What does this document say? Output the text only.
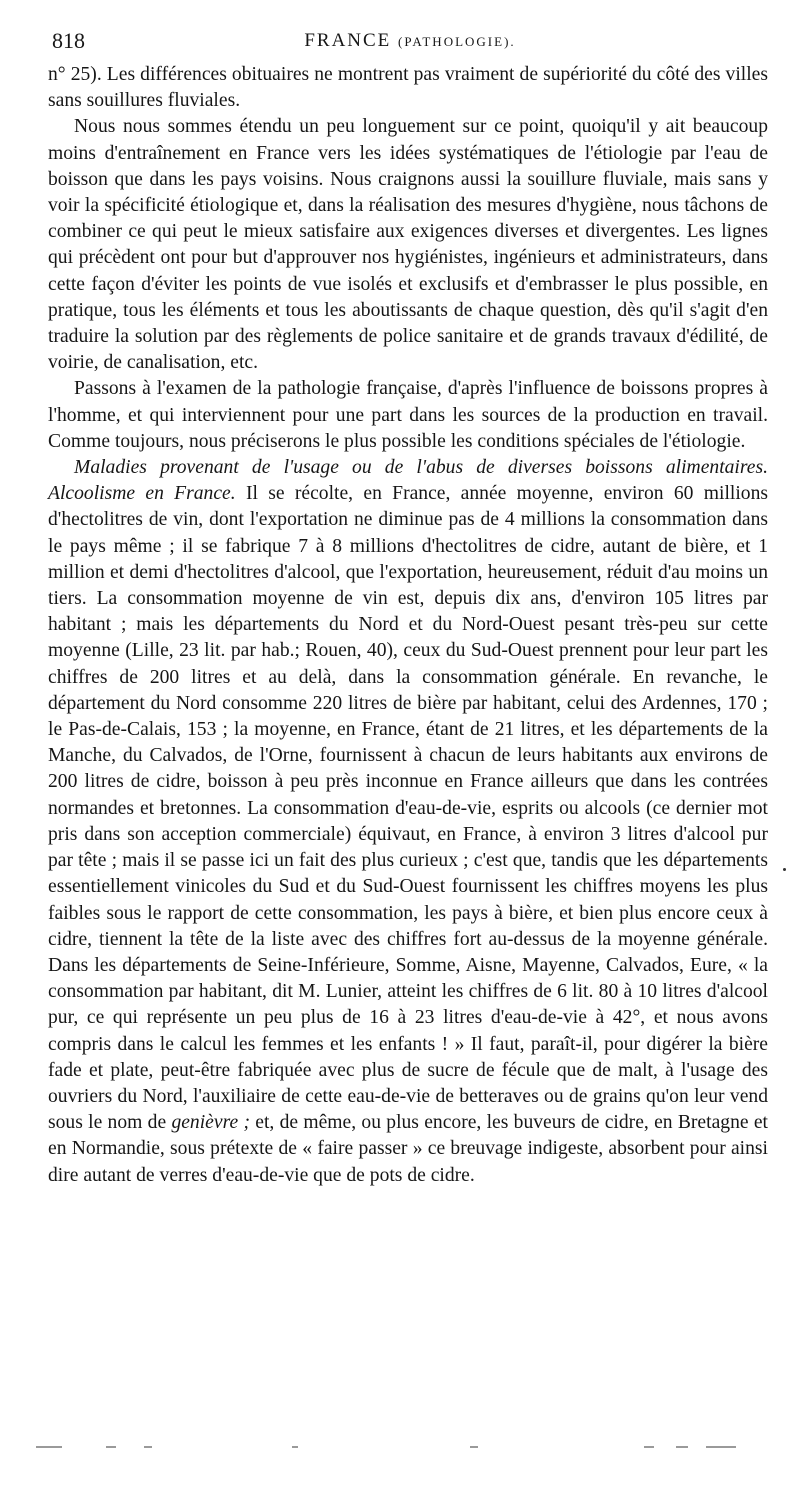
818	FRANCE (PATHOLOGIE).

n° 25). Les différences obituaires ne montrent pas vraiment de supériorité du côté des villes sans souillures fluviales.

Nous nous sommes étendu un peu longuement sur ce point, quoiqu'il y ait beaucoup moins d'entraînement en France vers les idées systématiques de l'étiologie par l'eau de boisson que dans les pays voisins. Nous craignons aussi la souillure fluviale, mais sans y voir la spécificité étiologique et, dans la réalisation des mesures d'hygiène, nous tâchons de combiner ce qui peut le mieux satisfaire aux exigences diverses et divergentes. Les lignes qui précèdent ont pour but d'approuver nos hygiénistes, ingénieurs et administrateurs, dans cette façon d'éviter les points de vue isolés et exclusifs et d'embrasser le plus possible, en pratique, tous les éléments et tous les aboutissants de chaque question, dès qu'il s'agit d'en traduire la solution par des règlements de police sanitaire et de grands travaux d'édilité, de voirie, de canalisation, etc.

Passons à l'examen de la pathologie française, d'après l'influence de boissons propres à l'homme, et qui interviennent pour une part dans les sources de la production en travail. Comme toujours, nous préciserons le plus possible les conditions spéciales de l'étiologie.

Maladies provenant de l'usage ou de l'abus de diverses boissons alimentaires. Alcoolisme en France. Il se récolte, en France, année moyenne, environ 60 millions d'hectolitres de vin, dont l'exportation ne diminue pas de 4 millions la consommation dans le pays même ; il se fabrique 7 à 8 millions d'hectolitres de cidre, autant de bière, et 1 million et demi d'hectolitres d'alcool, que l'exportation, heureusement, réduit d'au moins un tiers. La consommation moyenne de vin est, depuis dix ans, d'environ 105 litres par habitant ; mais les départements du Nord et du Nord-Ouest pesant très-peu sur cette moyenne (Lille, 23 lit. par hab.; Rouen, 40), ceux du Sud-Ouest prennent pour leur part les chiffres de 200 litres et au delà, dans la consommation générale. En revanche, le département du Nord consomme 220 litres de bière par habitant, celui des Ardennes, 170 ; le Pas-de-Calais, 153 ; la moyenne, en France, étant de 21 litres, et les départements de la Manche, du Calvados, de l'Orne, fournissent à chacun de leurs habitants aux environs de 200 litres de cidre, boisson à peu près inconnue en France ailleurs que dans les contrées normandes et bretonnes. La consommation d'eau-de-vie, esprits ou alcools (ce dernier mot pris dans son acception commerciale) équivaut, en France, à environ 3 litres d'alcool pur par tête ; mais il se passe ici un fait des plus curieux ; c'est que, tandis que les départements essentiellement vinicoles du Sud et du Sud-Ouest fournissent les chiffres moyens les plus faibles sous le rapport de cette consommation, les pays à bière, et bien plus encore ceux à cidre, tiennent la tête de la liste avec des chiffres fort au-dessus de la moyenne générale. Dans les départements de Seine-Inférieure, Somme, Aisne, Mayenne, Calvados, Eure, « la consommation par habitant, dit M. Lunier, atteint les chiffres de 6 lit. 80 à 10 litres d'alcool pur, ce qui représente un peu plus de 16 à 23 litres d'eau-de-vie à 42°, et nous avons compris dans le calcul les femmes et les enfants ! » Il faut, paraît-il, pour digérer la bière fade et plate, peut-être fabriquée avec plus de sucre de fécule que de malt, à l'usage des ouvriers du Nord, l'auxiliaire de cette eau-de-vie de betteraves ou de grains qu'on leur vend sous le nom de genièvre ; et, de même, ou plus encore, les buveurs de cidre, en Bretagne et en Normandie, sous prétexte de « faire passer » ce breuvage indigeste, absorbent pour ainsi dire autant de verres d'eau-de-vie que de pots de cidre.
